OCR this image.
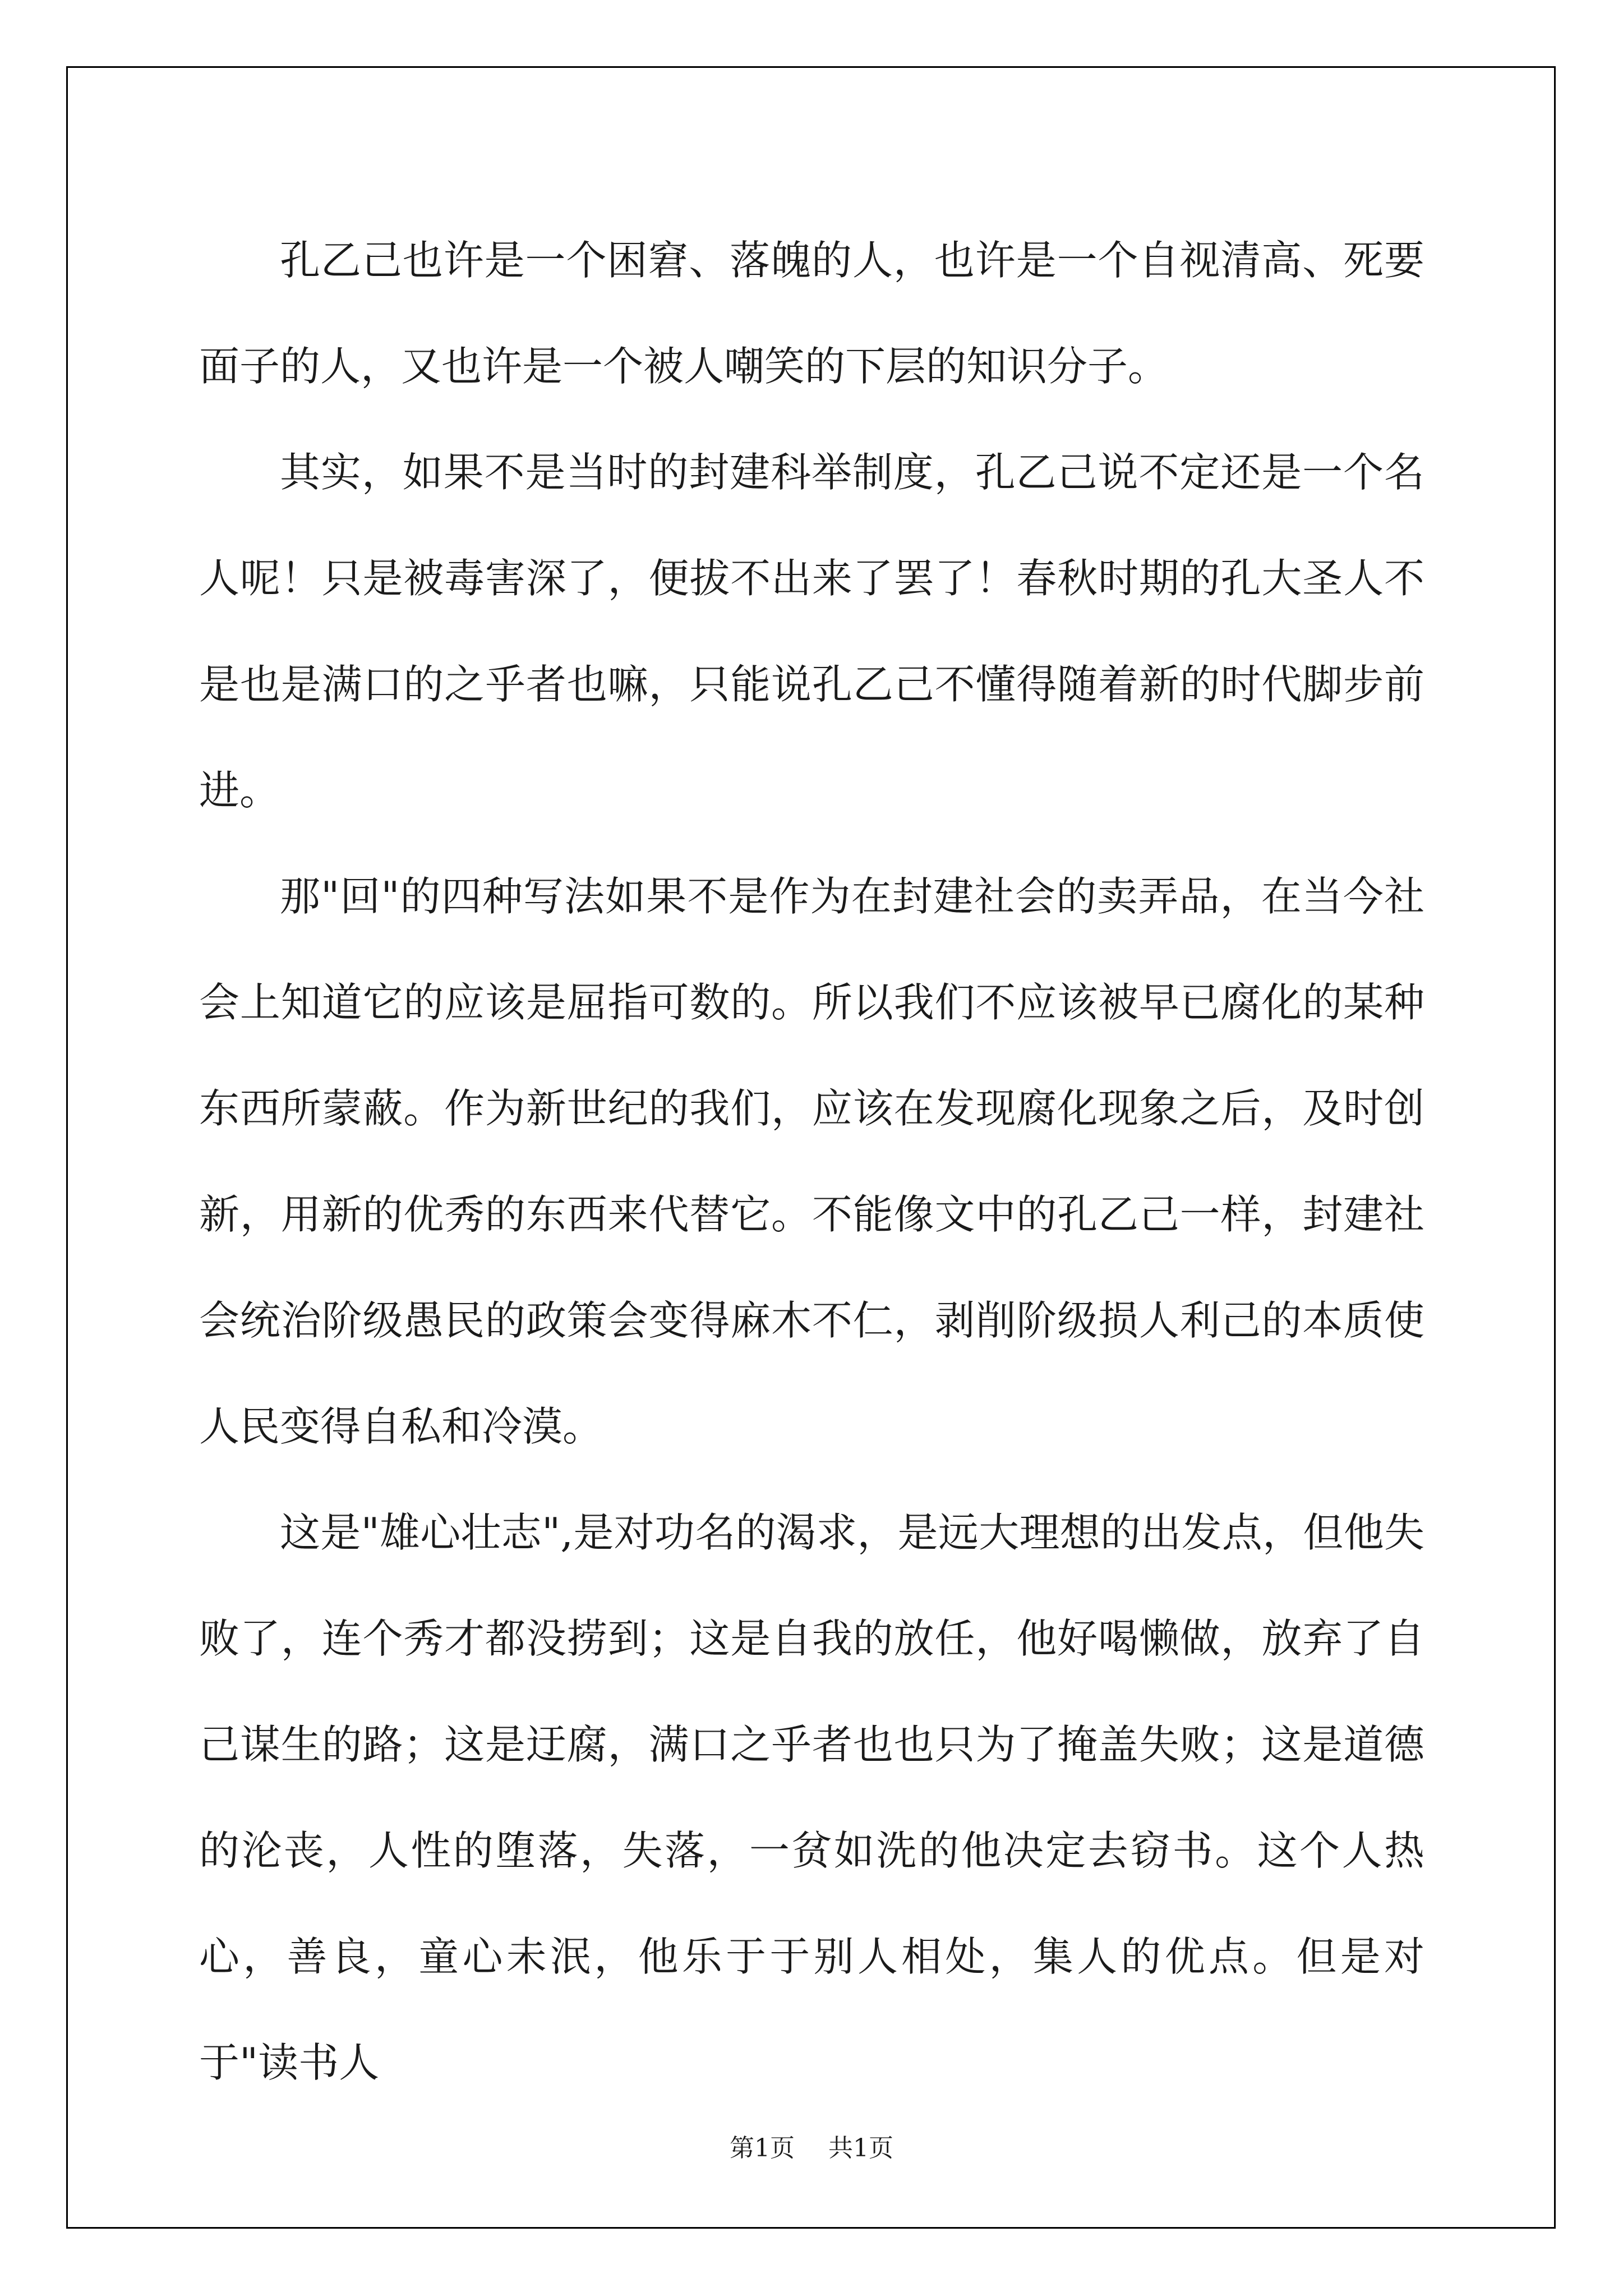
孔乙己也许是一个困窘、落魄的人，也许是一个自视清高、死要面子的人，又也许是一个被人嘲笑的下层的知识分子。

其实，如果不是当时的封建科举制度，孔乙己说不定还是一个名人呢！只是被毒害深了，便拔不出来了罢了！春秋时期的孔大圣人不是也是满口的之乎者也嘛，只能说孔乙己不懂得随着新的时代脚步前进。

那"回"的四种写法如果不是作为在封建社会的卖弄品，在当今社会上知道它的应该是屈指可数的。所以我们不应该被早已腐化的某种东西所蒙蔽。作为新世纪的我们，应该在发现腐化现象之后，及时创新，用新的优秀的东西来代替它。不能像文中的孔乙己一样，封建社会统治阶级愚民的政策会变得麻木不仁，剥削阶级损人利己的本质使人民变得自私和冷漠。

这是"雄心壮志",是对功名的渴求，是远大理想的出发点，但他失败了，连个秀才都没捞到；这是自我的放任，他好喝懒做，放弃了自己谋生的路；这是迂腐，满口之乎者也也只为了掩盖失败；这是道德的沦丧，人性的堕落，失落，一贫如洗的他决定去窃书。这个人热心，善良，童心未泯，他乐于于别人相处，集人的优点。但是对于"读书人

第1页 共1页
